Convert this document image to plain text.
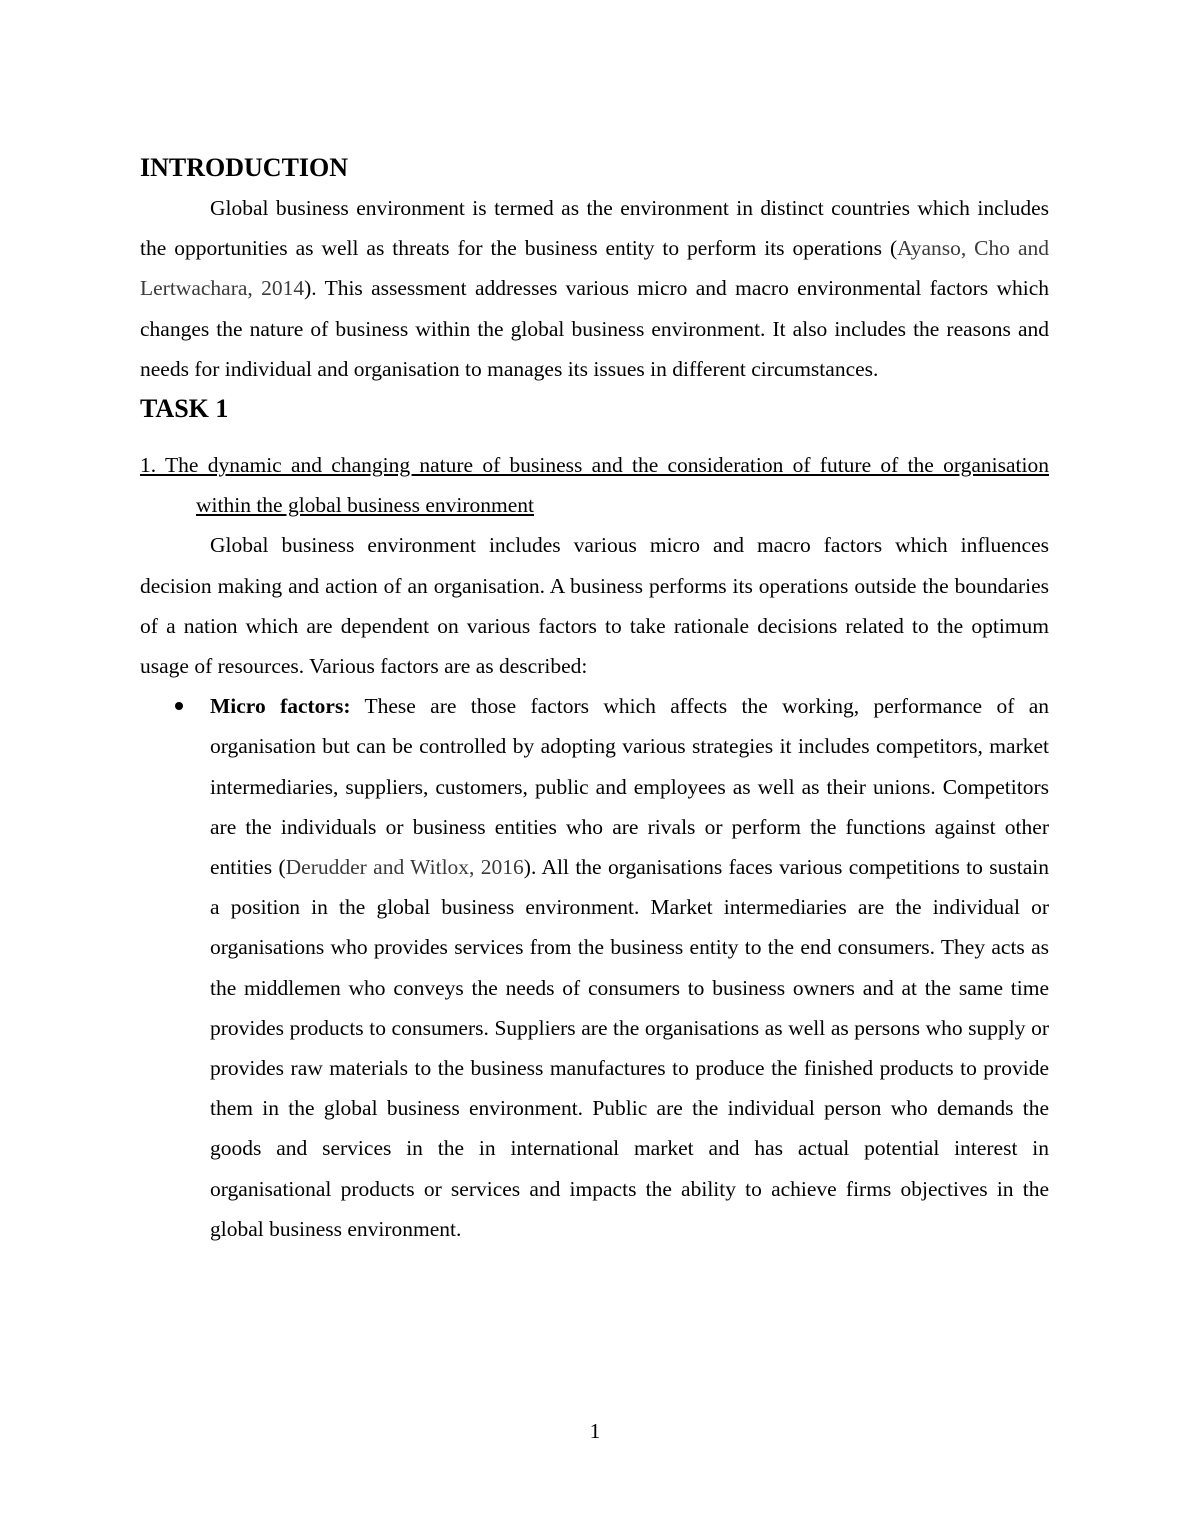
INTRODUCTION

Global business environment is termed as the environment in distinct countries which includes the opportunities as well as threats for the business entity to perform its operations (Ayanso, Cho and Lertwachara, 2014). This assessment addresses various micro and macro environmental factors which changes the nature of business within the global business environment. It also includes the reasons and needs for individual and organisation to manages its issues in different circumstances.

TASK 1
1. The dynamic and changing nature of business and the consideration of future of the organisation within the global business environment

Global business environment includes various micro and macro factors which influences decision making and action of an organisation. A business performs its operations outside the boundaries of a nation which are dependent on various factors to take rationale decisions related to the optimum usage of resources. Various factors are as described:

Micro factors: These are those factors which affects the working, performance of an organisation but can be controlled by adopting various strategies it includes competitors, market intermediaries, suppliers, customers, public and employees as well as their unions. Competitors are the individuals or business entities who are rivals or perform the functions against other entities (Derudder and Witlox, 2016). All the organisations faces various competitions to sustain a position in the global business environment. Market intermediaries are the individual or organisations who provides services from the business entity to the end consumers. They acts as the middlemen who conveys the needs of consumers to business owners and at the same time provides products to consumers. Suppliers are the organisations as well as persons who supply or provides raw materials to the business manufactures to produce the finished products to provide them in the global business environment. Public are the individual person who demands the goods and services in the in international market and has actual potential interest in organisational products or services and impacts the ability to achieve firms objectives in the global business environment.
1
